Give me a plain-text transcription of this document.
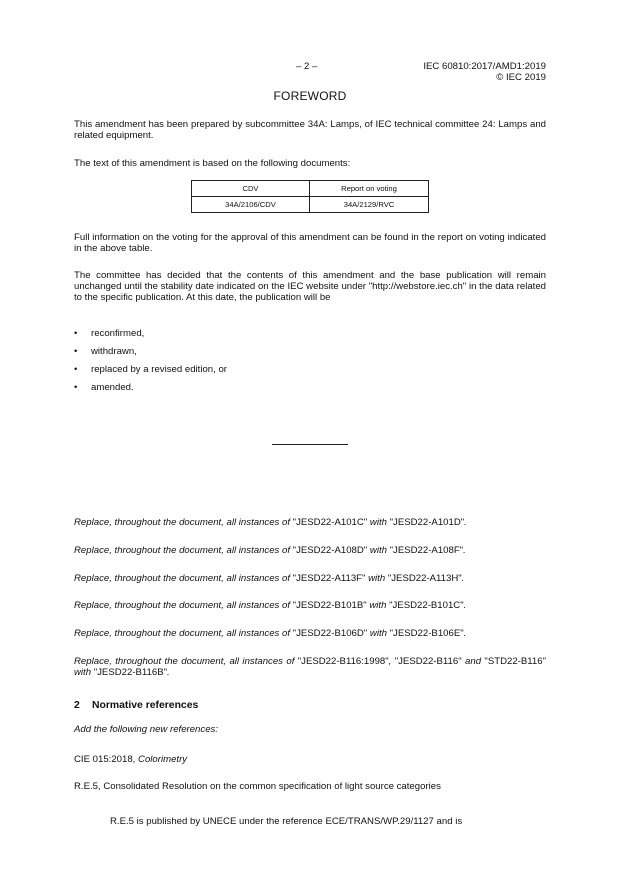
– 2 –	IEC 60810:2017/AMD1:2019
© IEC 2019
FOREWORD

This amendment has been prepared by subcommittee 34A: Lamps, of IEC technical committee 24: Lamps and related equipment.

The text of this amendment is based on the following documents:

CDV	Report on voting
34A/2106/CDV	34A/2129/RVC

Full information on the voting for the approval of this amendment can be found in the report on voting indicated in the above table.

The committee has decided that the contents of this amendment and the base publication will remain unchanged until the stability date indicated on the IEC website under "http://webstore.iec.ch" in the data related to the specific publication. At this date, the publication will be

• reconfirmed,
• withdrawn,
• replaced by a revised edition, or
• amended.

Replace, throughout the document, all instances of "JESD22-A101C" with "JESD22-A101D".

Replace, throughout the document, all instances of "JESD22-A108D" with "JESD22-A108F".

Replace, throughout the document, all instances of "JESD22-A113F" with "JESD22-A113H".

Replace, throughout the document, all instances of "JESD22-B101B" with "JESD22-B101C".

Replace, throughout the document, all instances of "JESD22-B106D" with "JESD22-B106E".

Replace, throughout the document, all instances of "JESD22-B116:1998", "JESD22-B116" and "STD22-B116" with "JESD22-B116B".

2 Normative references

Add the following new references:

CIE 015:2018, Colorimetry

R.E.5, Consolidated Resolution on the common specification of light source categories

R.E.5 is published by UNECE under the reference ECE/TRANS/WP.29/1127 and is
